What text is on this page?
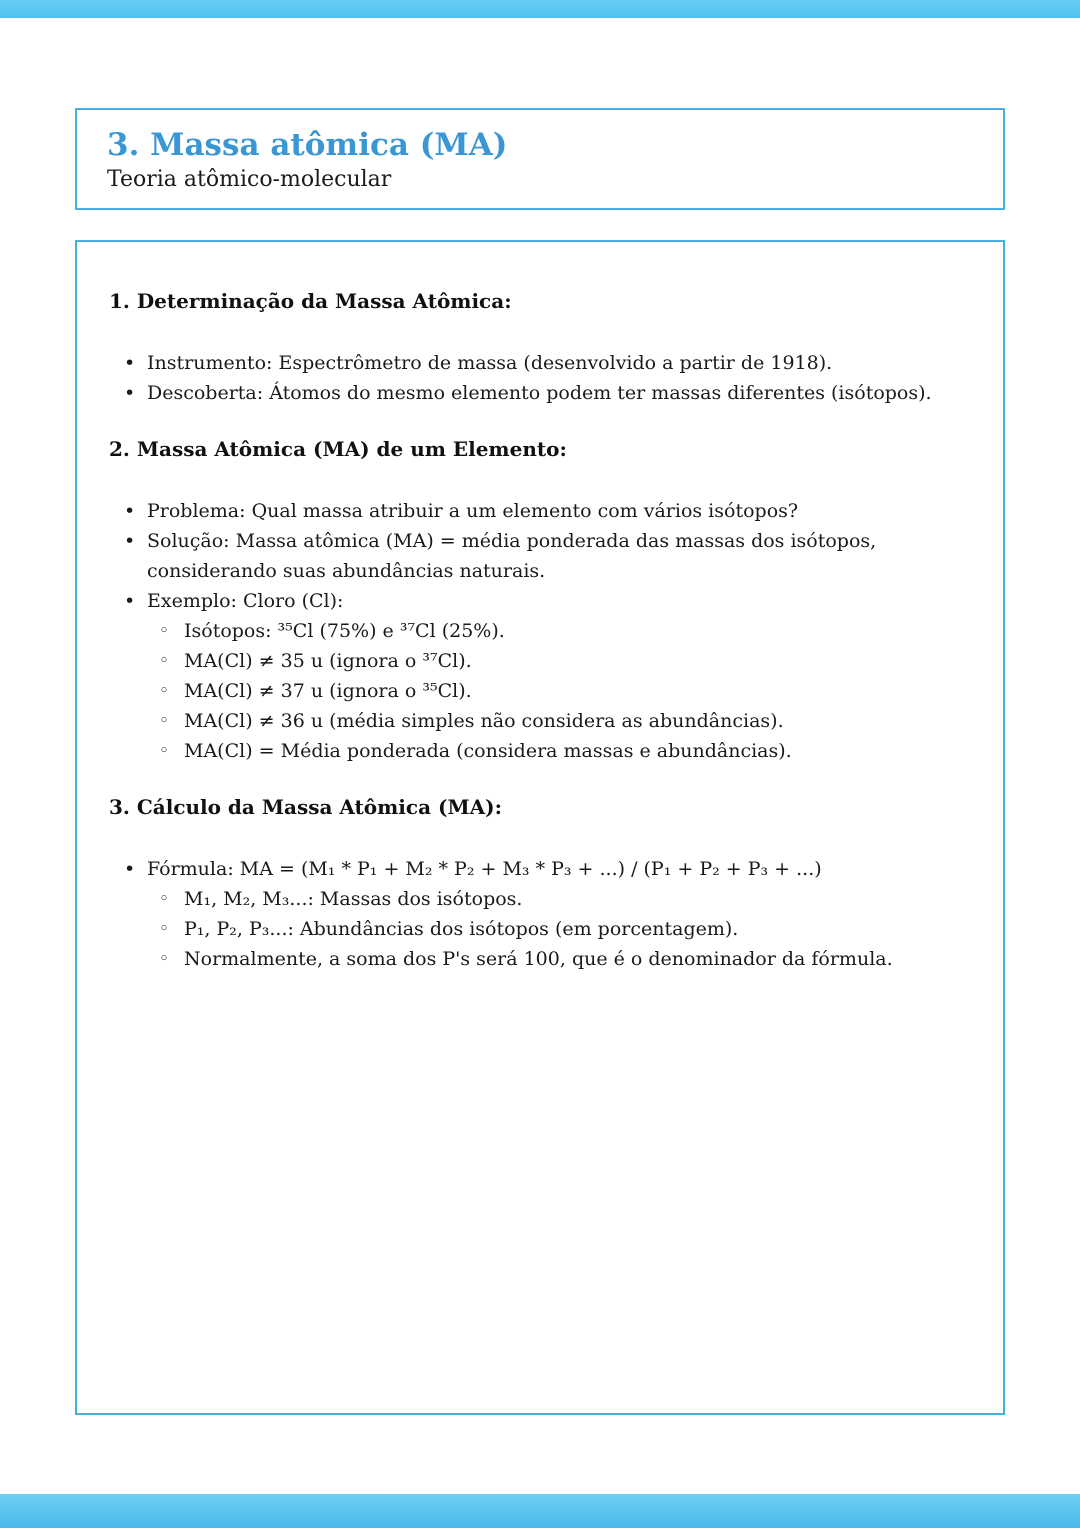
3. Massa atômica (MA)
Teoria atômico-molecular
1. Determinação da Massa Atômica:
• Instrumento: Espectrômetro de massa (desenvolvido a partir de 1918).
• Descoberta: Átomos do mesmo elemento podem ter massas diferentes (isótopos).
2. Massa Atômica (MA) de um Elemento:
• Problema: Qual massa atribuir a um elemento com vários isótopos?
• Solução: Massa atômica (MA) = média ponderada das massas dos isótopos, considerando suas abundâncias naturais.
• Exemplo: Cloro (Cl):
◦ Isótopos: ³⁵Cl (75%) e ³⁷Cl (25%).
◦ MA(Cl) ≠ 35 u (ignora o ³⁷Cl).
◦ MA(Cl) ≠ 37 u (ignora o ³⁵Cl).
◦ MA(Cl) ≠ 36 u (média simples não considera as abundâncias).
◦ MA(Cl) = Média ponderada (considera massas e abundâncias).
3. Cálculo da Massa Atômica (MA):
• Fórmula: MA = (M₁ * P₁ + M₂ * P₂ + M₃ * P₃ + ...) / (P₁ + P₂ + P₃ + ...)
◦ M₁, M₂, M₃...: Massas dos isótopos.
◦ P₁, P₂, P₃...: Abundâncias dos isótopos (em porcentagem).
◦ Normalmente, a soma dos P's será 100, que é o denominador da fórmula.
